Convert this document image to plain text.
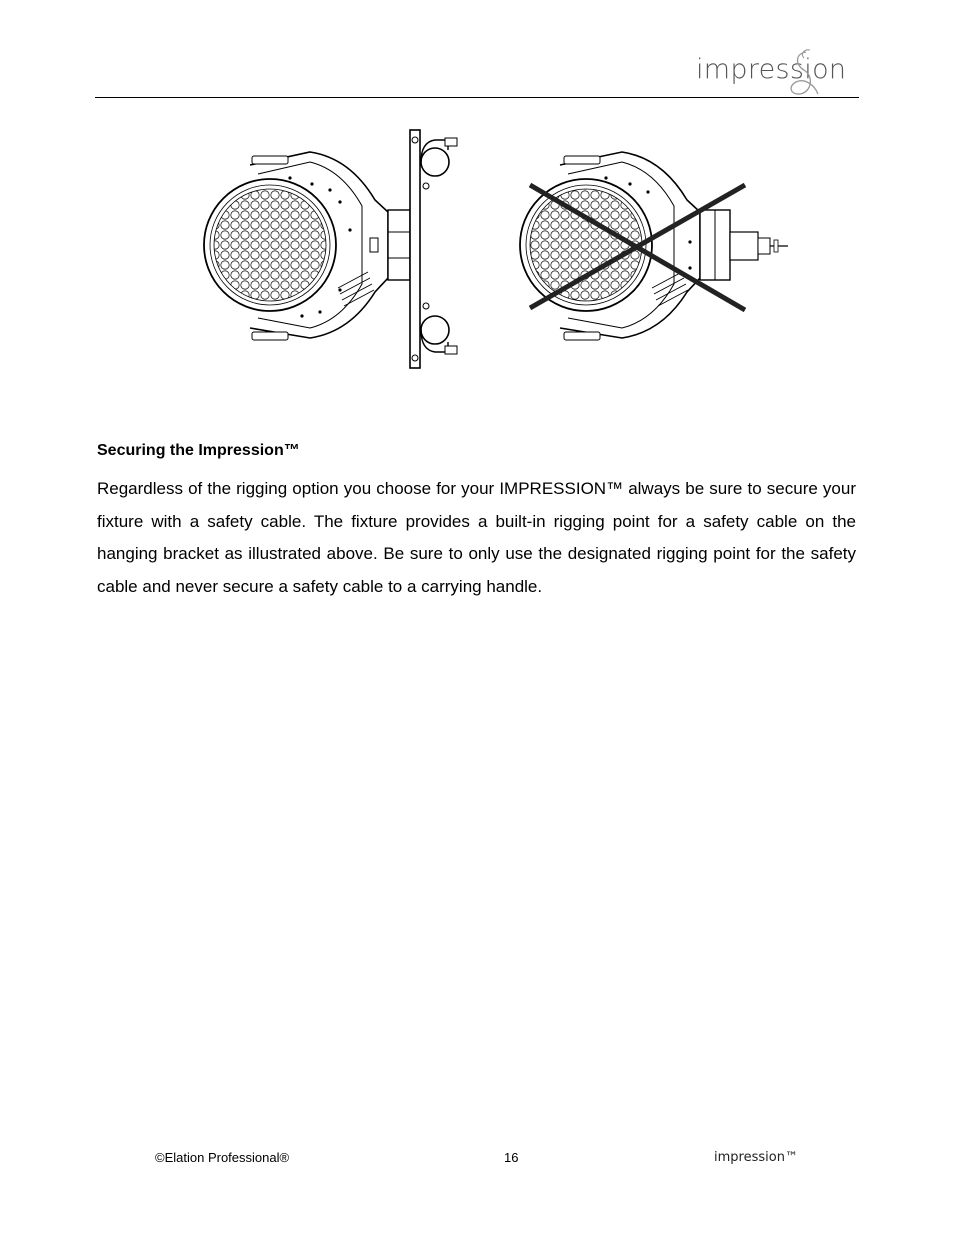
impression
Securing the Impression™

Regardless of the rigging option you choose for your IMPRESSION™ always be sure to secure your fixture with a safety cable. The fixture provides a built-in rigging point for a safety cable on the hanging bracket as illustrated above. Be sure to only use the designated rigging point for the safety cable and never secure a safety cable to a carrying handle.

©Elation Professional®	16	impression™
